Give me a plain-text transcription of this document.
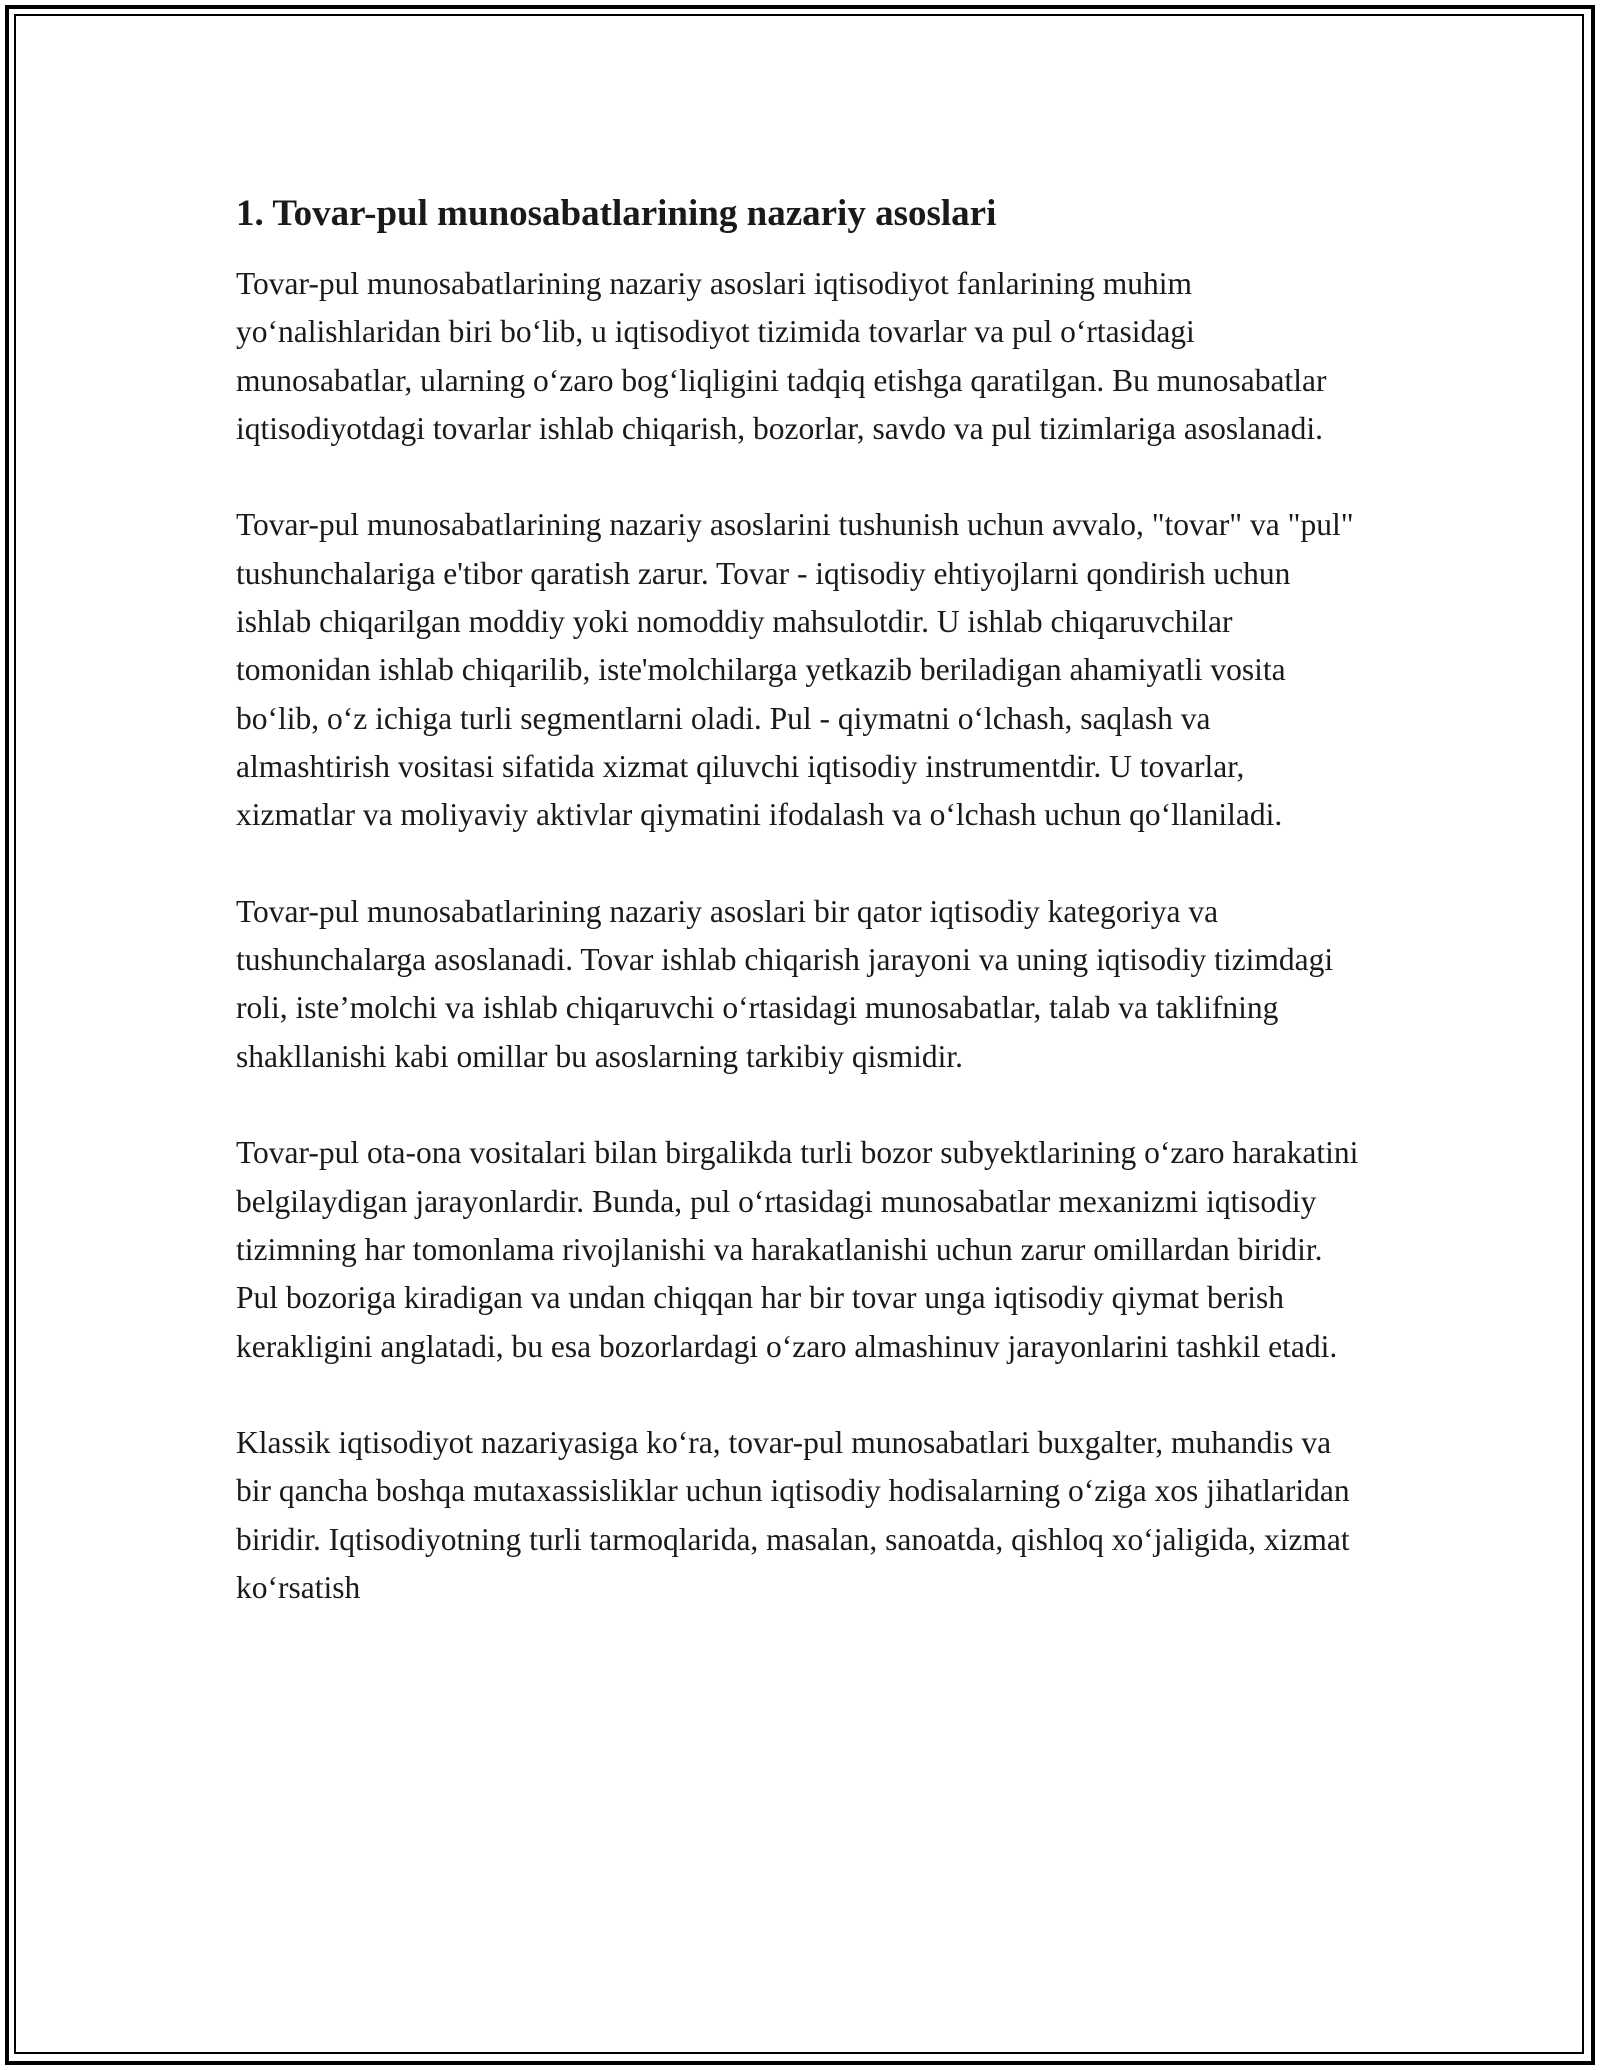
1. Tovar-pul munosabatlarining nazariy asoslari

Tovar-pul munosabatlarining nazariy asoslari iqtisodiyot fanlarining muhim yo‘nalishlaridan biri bo‘lib, u iqtisodiyot tizimida tovarlar va pul o‘rtasidagi munosabatlar, ularning o‘zaro bog‘liqligini tadqiq etishga qaratilgan. Bu munosabatlar iqtisodiyotdagi tovarlar ishlab chiqarish, bozorlar, savdo va pul tizimlariga asoslanadi.

Tovar-pul munosabatlarining nazariy asoslarini tushunish uchun avvalo, "tovar" va "pul" tushunchalariga e'tibor qaratish zarur. Tovar - iqtisodiy ehtiyojlarni qondirish uchun ishlab chiqarilgan moddiy yoki nomoddiy mahsulotdir. U ishlab chiqaruvchilar tomonidan ishlab chiqarilib, iste'molchilarga yetkazib beriladigan ahamiyatli vosita bo‘lib, o‘z ichiga turli segmentlarni oladi. Pul - qiymatni o‘lchash, saqlash va almashtirish vositasi sifatida xizmat qiluvchi iqtisodiy instrumentdir. U tovarlar, xizmatlar va moliyaviy aktivlar qiymatini ifodalash va o‘lchash uchun qo‘llaniladi.

Tovar-pul munosabatlarining nazariy asoslari bir qator iqtisodiy kategoriya va tushunchalarga asoslanadi. Tovar ishlab chiqarish jarayoni va uning iqtisodiy tizimdagi roli, iste’molchi va ishlab chiqaruvchi o‘rtasidagi munosabatlar, talab va taklifning shakllanishi kabi omillar bu asoslarning tarkibiy qismidir.

Tovar-pul ota-ona vositalari bilan birgalikda turli bozor subyektlarining o‘zaro harakatini belgilaydigan jarayonlardir. Bunda, pul o‘rtasidagi munosabatlar mexanizmi iqtisodiy tizimning har tomonlama rivojlanishi va harakatlanishi uchun zarur omillardan biridir. Pul bozoriga kiradigan va undan chiqqan har bir tovar unga iqtisodiy qiymat berish kerakligini anglatadi, bu esa bozorlardagi o‘zaro almashinuv jarayonlarini tashkil etadi.

Klassik iqtisodiyot nazariyasiga ko‘ra, tovar-pul munosabatlari buxgalter, muhandis va bir qancha boshqa mutaxassisliklar uchun iqtisodiy hodisalarning o‘ziga xos jihatlaridan biridir. Iqtisodiyotning turli tarmoqlarida, masalan, sanoatda, qishloq xo‘jaligida, xizmat ko‘rsatish
